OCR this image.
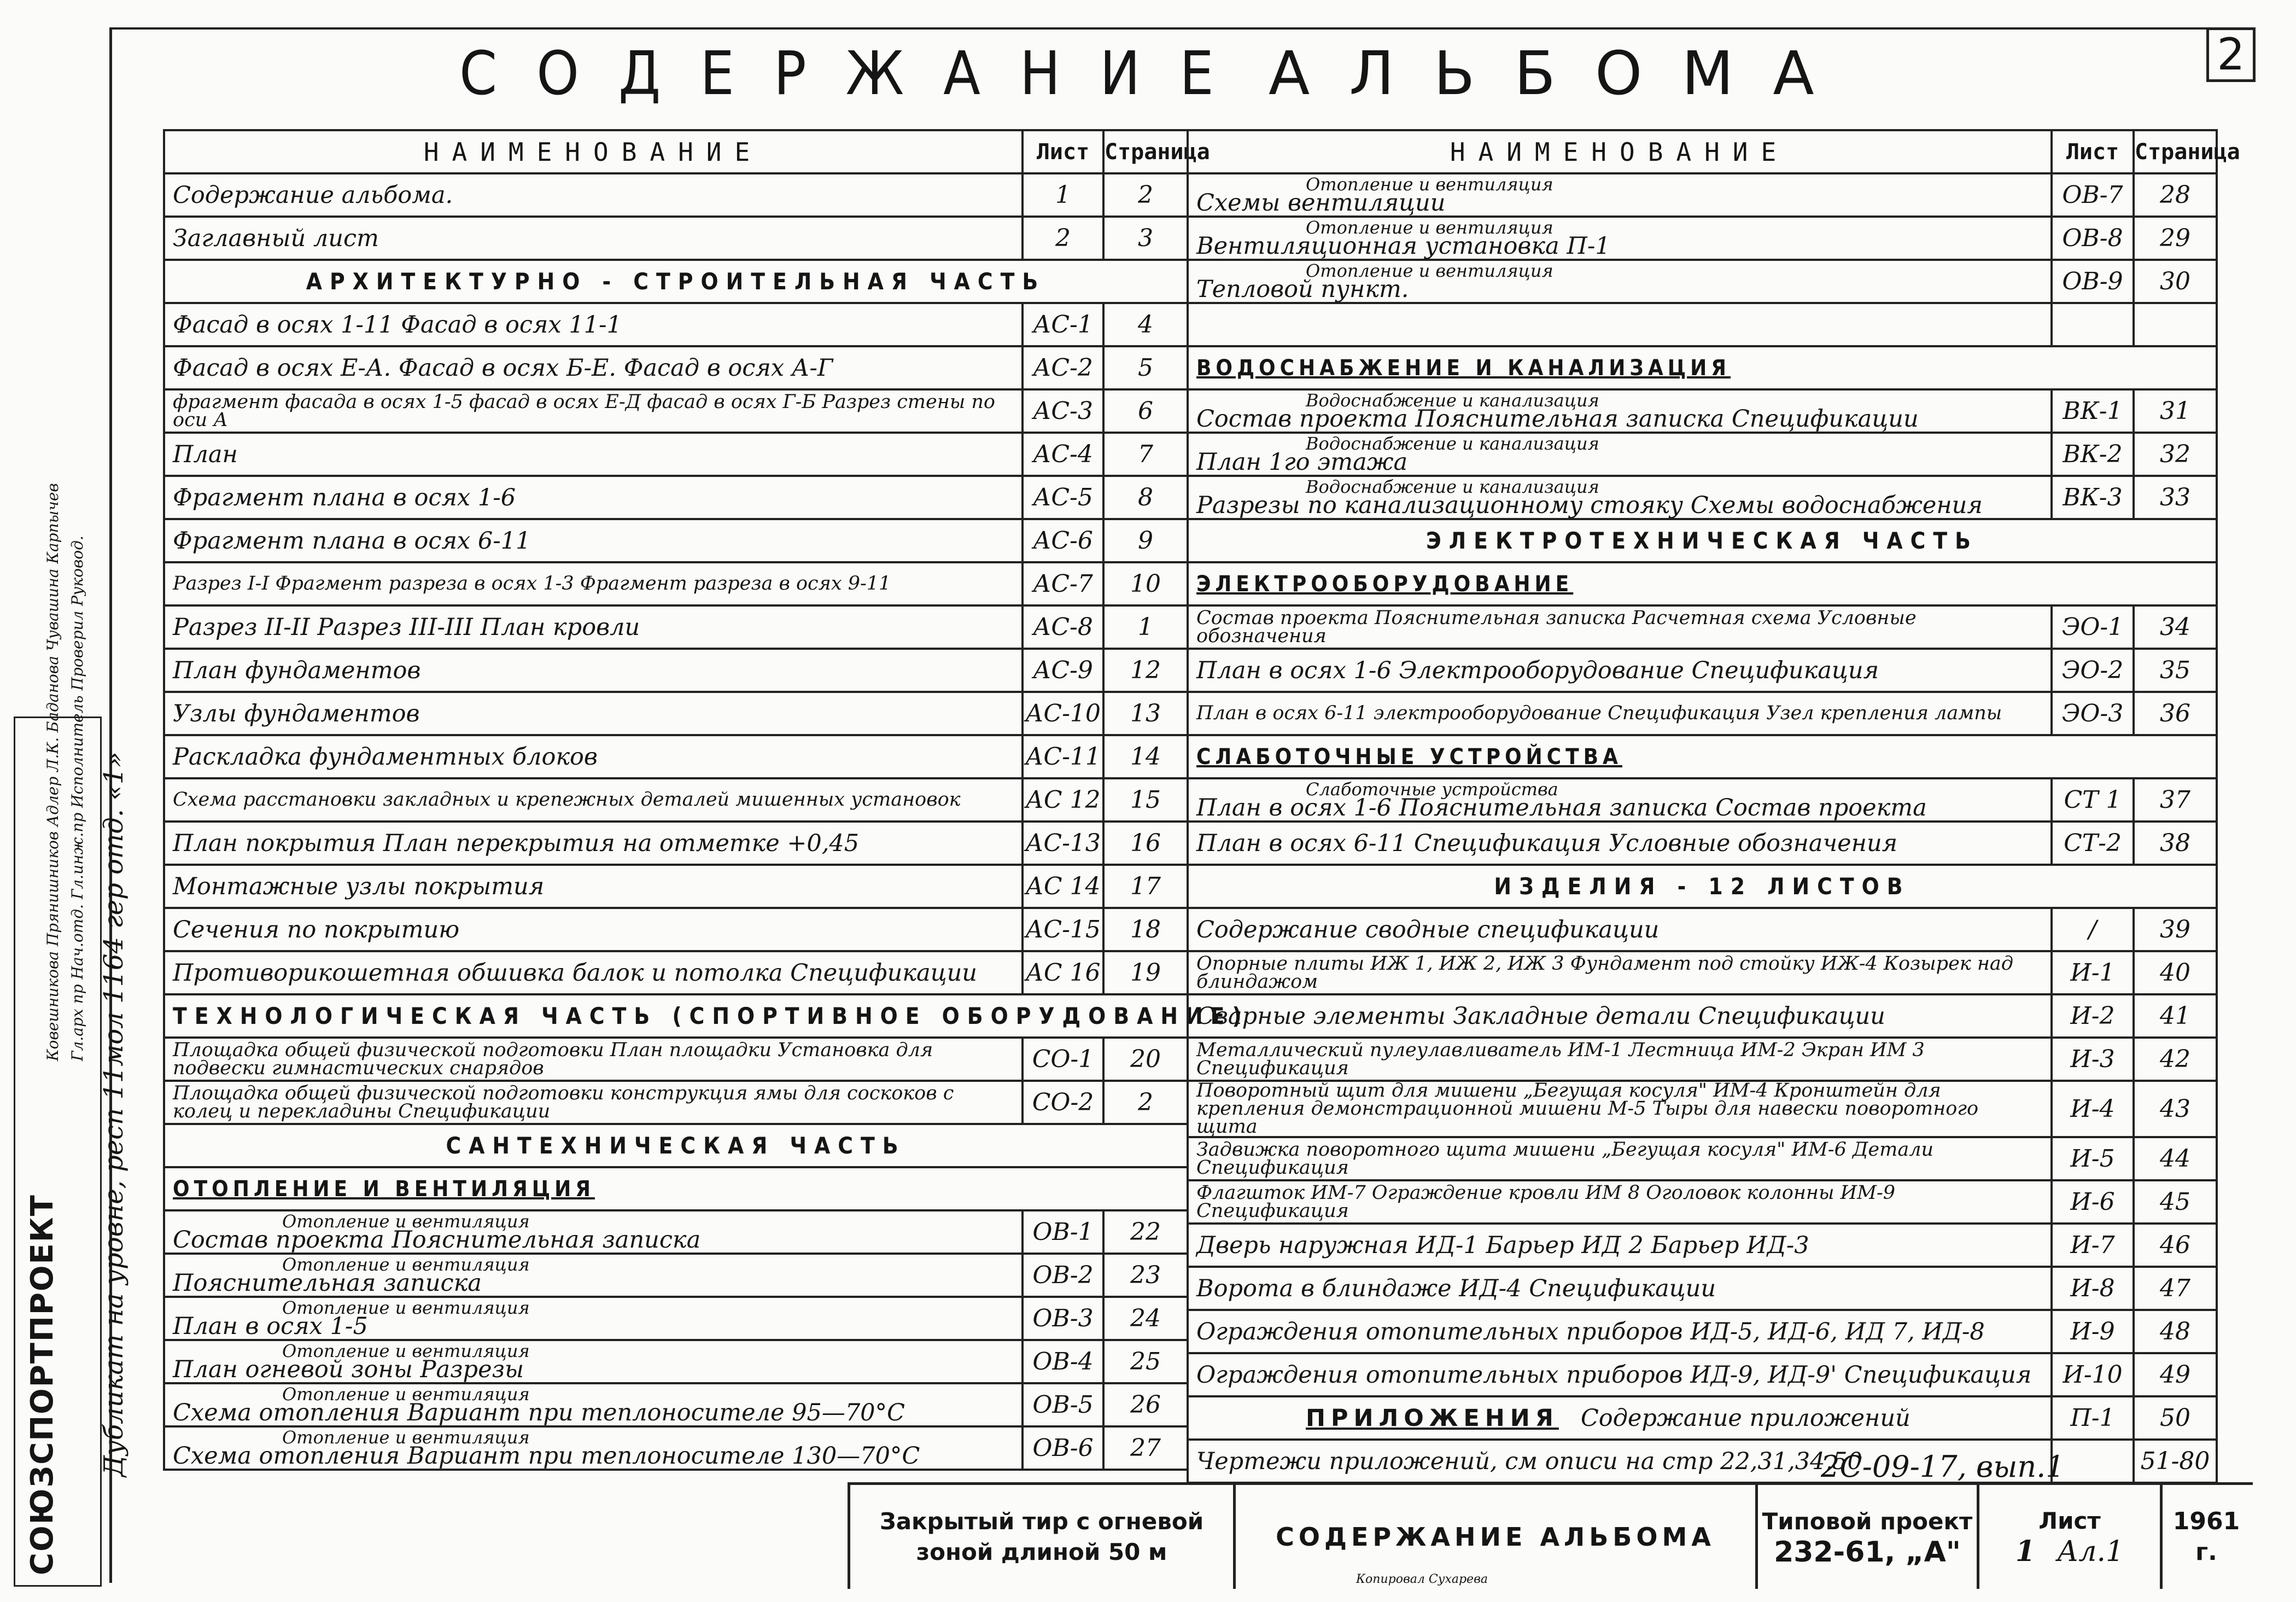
2
СОДЕРЖАНИЕ АЛЬБОМА
НАИМЕНОВАНИЕ	Лист	Страница
Содержание альбома.	1	2
Заглавный лист	2	3
АРХИТЕКТУРНО - СТРОИТЕЛЬНАЯ ЧАСТЬ		
Фасад в осях 1-11 Фасад в осях 11-1	АС-1	4
Фасад в осях Е-А. Фасад в осях Б-Е. Фасад в осях А-Г	АС-2	5
фрагмент фасада в осях 1-5 фасад в осях Е-Д фасад в осях Г-Б Разрез стены по оси А	АС-3	6
План	АС-4	7
Фрагмент плана в осях 1-6	АС-5	8
Фрагмент плана в осях 6-11	АС-6	9
Разрез I-I Фрагмент разреза в осях 1-3 Фрагмент разреза в осях 9-11	АС-7	10
Разрез II-II Разрез III-III План кровли	АС-8	1
План фундаментов	АС-9	12
Узлы фундаментов	АС-10	13
Раскладка фундаментных блоков	АС-11	14
Схема расстановки закладных и крепежных деталей мишенных установок	АС 12	15
План покрытия План перекрытия на отметке +0,45	АС-13	16
Монтажные узлы покрытия	АС 14	17
Сечения по покрытию	АС-15	18
Противорикошетная обшивка балок и потолка Спецификации	АС 16	19
ТЕХНОЛОГИЧЕСКАЯ ЧАСТЬ (СПОРТИВНОЕ ОБОРУДОВАНИЕ)		
Площадка общей физической подготовки План площадки Установка для подвески гимнастических снарядов	СО-1	20
Площадка общей физической подготовки конструкция ямы для соскоков с колец и перекладины Спецификации	СО-2	2
САНТЕХНИЧЕСКАЯ ЧАСТЬ		
ОТОПЛЕНИЕ И ВЕНТИЛЯЦИЯ		

Отопление и вентиляция
Состав проекта Пояснительная записка	ОВ-1	22

Отопление и вентиляция
Пояснительная записка	ОВ-2	23

Отопление и вентиляция
План в осях 1-5	ОВ-3	24

Отопление и вентиляция
План огневой зоны Разрезы	ОВ-4	25

Отопление и вентиляция
Схема отопления Вариант при теплоносителе 95—70°С	ОВ-5	26

Отопление и вентиляция
Схема отопления Вариант при теплоносителе 130—70°С	ОВ-6	27
НАИМЕНОВАНИЕ	Лист	Страница

Отопление и вентиляция
Схемы вентиляции	ОВ-7	28

Отопление и вентиляция
Вентиляционная установка П-1	ОВ-8	29

Отопление и вентиляция
Тепловой пункт.	ОВ-9	30

ВОДОСНАБЖЕНИЕ И КАНАЛИЗАЦИЯ		

Водоснабжение и канализация
Состав проекта Пояснительная записка Спецификации	ВК-1	31

Водоснабжение и канализация
План 1го этажа	ВК-2	32

Водоснабжение и канализация
Разрезы по канализационному стояку Схемы водоснабжения	ВК-3	33
ЭЛЕКТРОТЕХНИЧЕСКАЯ ЧАСТЬ		
ЭЛЕКТРООБОРУДОВАНИЕ		
Состав проекта Пояснительная записка Расчетная схема Условные обозначения	ЭО-1	34
План в осях 1-6 Электрооборудование Спецификация	ЭО-2	35
План в осях 6-11 электрооборудование Спецификация Узел крепления лампы	ЭО-3	36
СЛАБОТОЧНЫЕ УСТРОЙСТВА		

Слаботочные устройства
План в осях 1-6 Пояснительная записка Состав проекта	СТ 1	37
План в осях 6-11 Спецификация Условные обозначения	СТ-2	38
ИЗДЕЛИЯ - 12 ЛИСТОВ		
Содержание сводные спецификации	/	39
Опорные плиты ИЖ 1, ИЖ 2, ИЖ 3 Фундамент под стойку ИЖ-4 Козырек над блиндажом	И-1	40
Сварные элементы Закладные детали Спецификации	И-2	41
Металлический пулеулавливатель ИМ-1 Лестница ИМ-2 Экран ИМ 3 Спецификация	И-3	42
Поворотный щит для мишени „Бегущая косуля" ИМ-4 Кронштейн для крепления демонстрационной мишени М-5 Тыры для навески поворотного щита	И-4	43
Задвижка поворотного щита мишени „Бегущая косуля" ИМ-6 Детали Спецификация	И-5	44
Флагшток ИМ-7 Ограждение кровли ИМ 8 Оголовок колонны ИМ-9 Спецификация	И-6	45
Дверь наружная ИД-1 Барьер ИД 2 Барьер ИД-3	И-7	46
Ворота в блиндаже ИД-4 Спецификации	И-8	47
Ограждения отопительных приборов ИД-5, ИД-6, ИД 7, ИД-8	И-9	48
Ограждения отопительных приборов ИД-9, ИД-9' Спецификация	И-10	49
ПРИЛОЖЕНИЯ Содержание приложений	П-1	50
Чертежи приложений, см описи на стр 22,31,34,50		51-80
СОЮЗСПОРТПРОЕКТ Дубликат на уровне, респ 11мол 1164 гер отд. «1»
Гл.арх пр Нач.отд. Гл.инж.пр Исполнитель Проверил Руковод.
Ковешникова Прянишников Адлер Л.К. Баданова Чувашина Карпычев
2С-09-17, вып.1
Закрытый тир с огневой зоной длиной 50 м
СОДЕРЖАНИЕ АЛЬБОМА
Типовой проект
232-61, „А"
Лист
1 Ал.1
1961 г.
Копировал Сухарева
